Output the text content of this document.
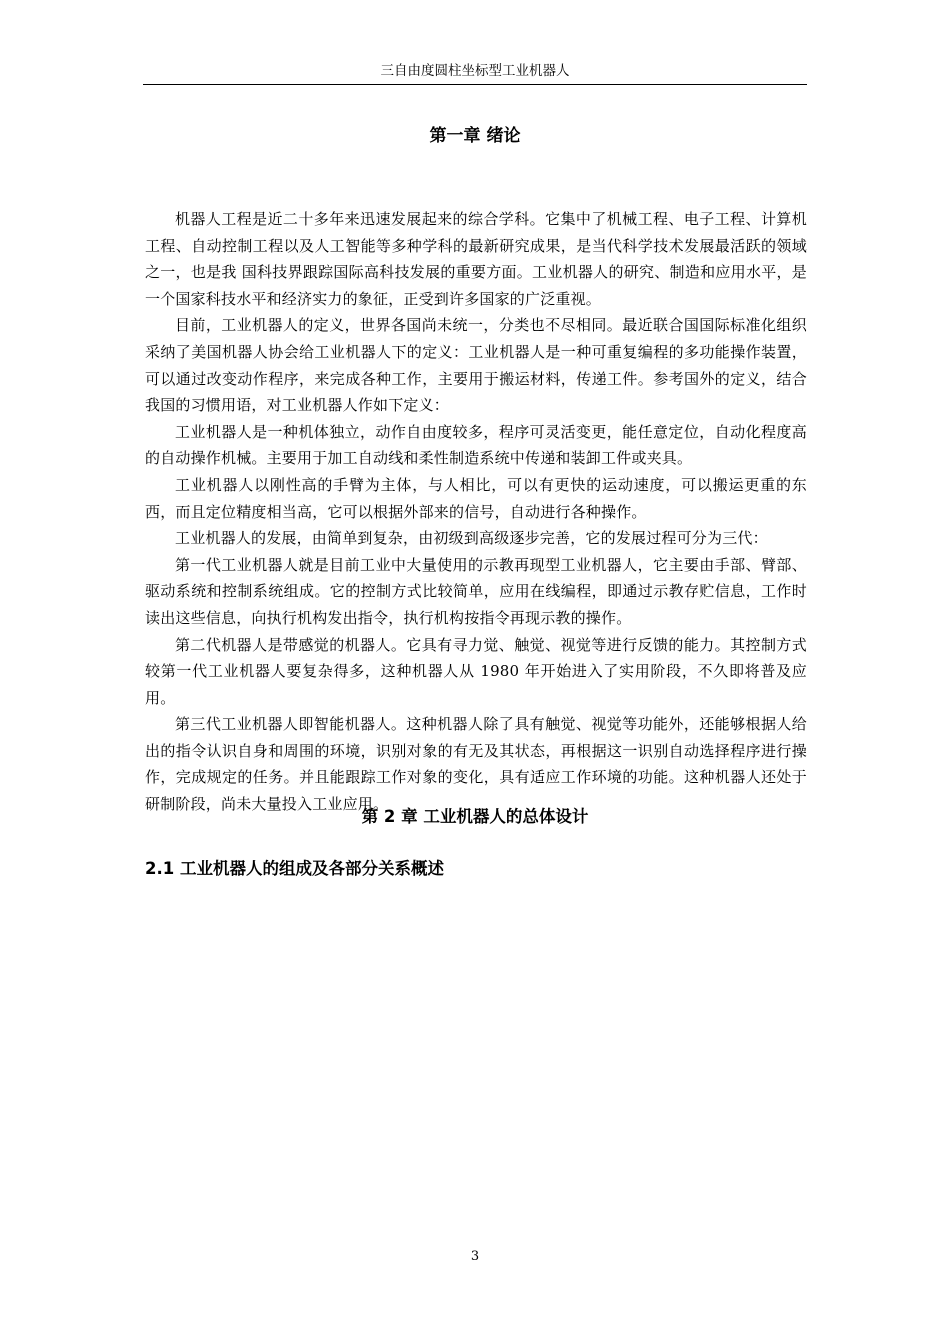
三自由度圆柱坐标型工业机器人
第一章 绪论

机器人工程是近二十多年来迅速发展起来的综合学科。它集中了机械工程、电子工程、计算机工程、自动控制工程以及人工智能等多种学科的最新研究成果，是当代科学技术发展最活跃的领域之一，也是我 国科技界跟踪国际高科技发展的重要方面。工业机器人的研究、制造和应用水平，是一个国家科技水平和经济实力的象征，正受到许多国家的广泛重视。

目前，工业机器人的定义，世界各国尚未统一，分类也不尽相同。最近联合国国际标准化组织采纳了美国机器人协会给工业机器人下的定义：工业机器人是一种可重复编程的多功能操作装置，可以通过改变动作程序，来完成各种工作，主要用于搬运材料，传递工件。参考国外的定义，结合我国的习惯用语，对工业机器人作如下定义：

工业机器人是一种机体独立，动作自由度较多，程序可灵活变更，能任意定位，自动化程度高的自动操作机械。主要用于加工自动线和柔性制造系统中传递和装卸工件或夹具。

工业机器人以刚性高的手臂为主体，与人相比，可以有更快的运动速度，可以搬运更重的东西，而且定位精度相当高，它可以根据外部来的信号，自动进行各种操作。

工业机器人的发展，由简单到复杂，由初级到高级逐步完善，它的发展过程可分为三代：

第一代工业机器人就是目前工业中大量使用的示教再现型工业机器人，它主要由手部、臂部、驱动系统和控制系统组成。它的控制方式比较简单，应用在线编程，即通过示教存贮信息，工作时读出这些信息，向执行机构发出指令，执行机构按指令再现示教的操作。

第二代机器人是带感觉的机器人。它具有寻力觉、触觉、视觉等进行反馈的能力。其控制方式较第一代工业机器人要复杂得多，这种机器人从 1980 年开始进入了实用阶段，不久即将普及应用。

第三代工业机器人即智能机器人。这种机器人除了具有触觉、视觉等功能外，还能够根据人给出的指令认识自身和周围的环境，识别对象的有无及其状态，再根据这一识别自动选择程序进行操作，完成规定的任务。并且能跟踪工作对象的变化，具有适应工作环境的功能。这种机器人还处于研制阶段，尚未大量投入工业应用。

第 2 章 工业机器人的总体设计
2.1 工业机器人的组成及各部分关系概述
3
